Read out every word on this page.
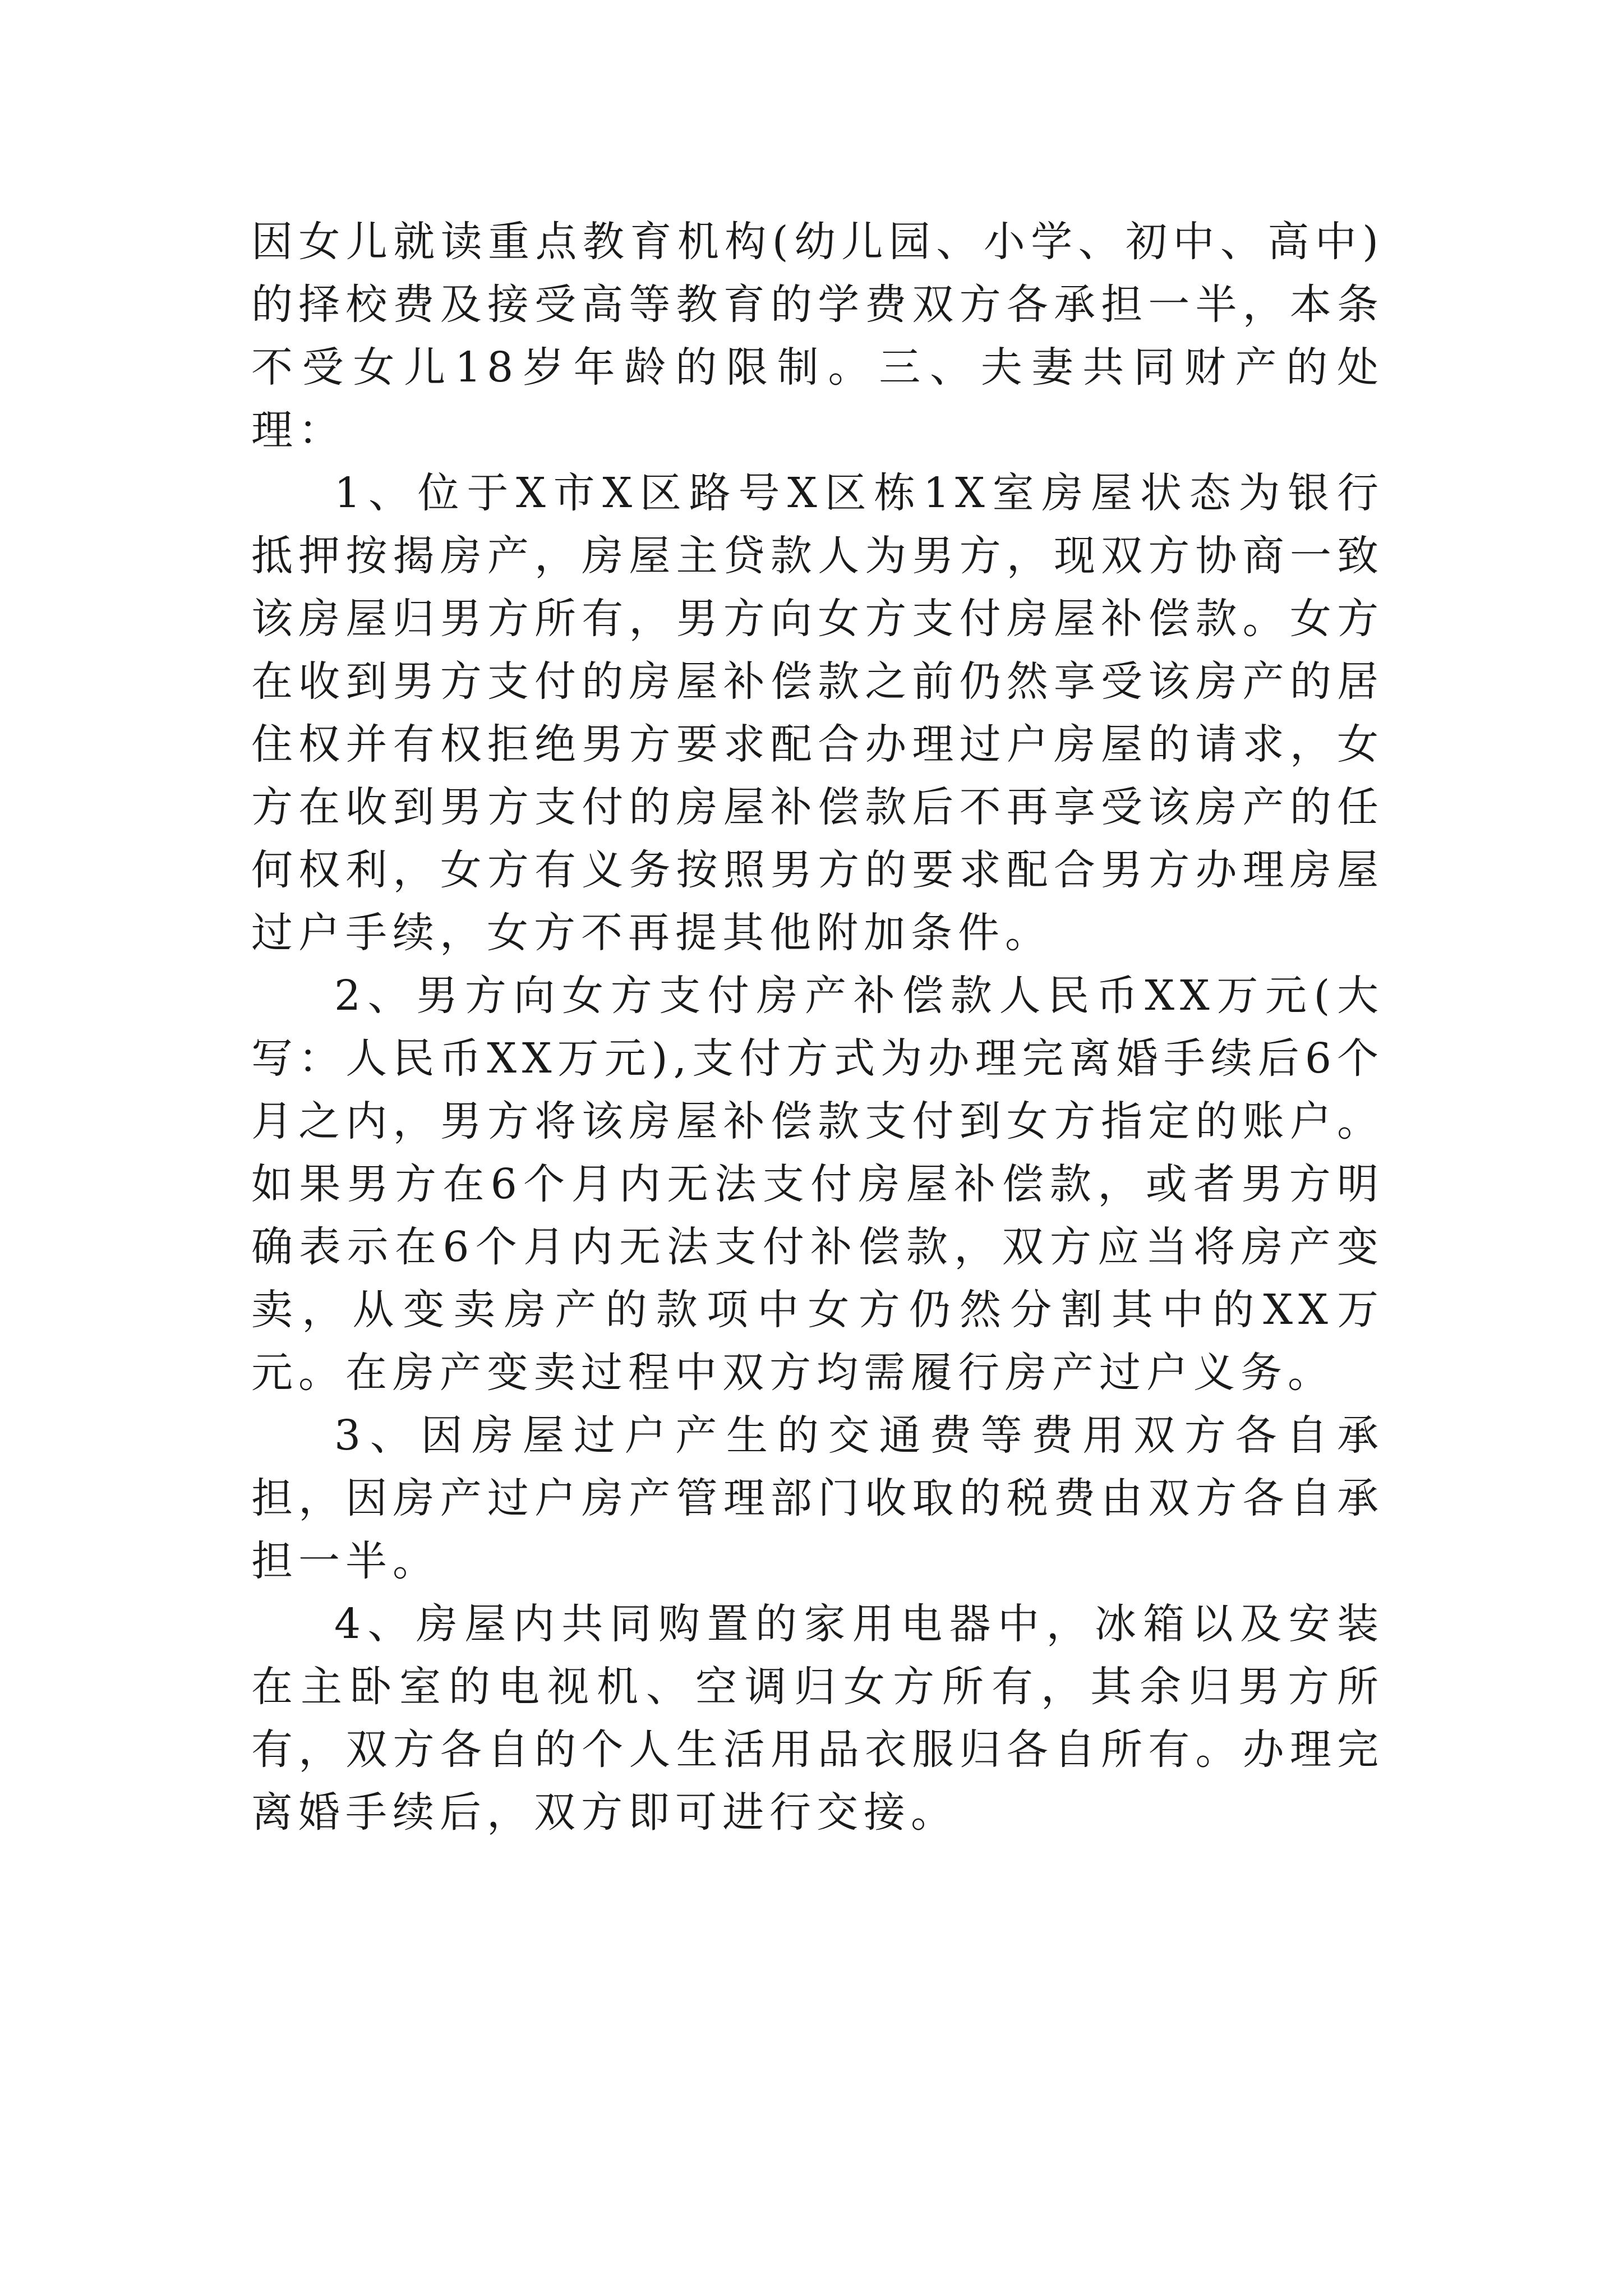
因女儿就读重点教育机构(幼儿园、小学、初中、高中)的择校费及接受高等教育的学费双方各承担一半，本条不受女儿18岁年龄的限制。三、夫妻共同财产的处理：

1、位于X市X区路号X区栋1X室房屋状态为银行抵押按揭房产，房屋主贷款人为男方，现双方协商一致该房屋归男方所有，男方向女方支付房屋补偿款。女方在收到男方支付的房屋补偿款之前仍然享受该房产的居住权并有权拒绝男方要求配合办理过户房屋的请求，女方在收到男方支付的房屋补偿款后不再享受该房产的任何权利，女方有义务按照男方的要求配合男方办理房屋过户手续，女方不再提其他附加条件。

2、男方向女方支付房产补偿款人民币XX万元(大写：人民币XX万元),支付方式为办理完离婚手续后6个月之内，男方将该房屋补偿款支付到女方指定的账户。如果男方在6个月内无法支付房屋补偿款，或者男方明确表示在6个月内无法支付补偿款，双方应当将房产变卖，从变卖房产的款项中女方仍然分割其中的XX万元。在房产变卖过程中双方均需履行房产过户义务。

3、因房屋过户产生的交通费等费用双方各自承担，因房产过户房产管理部门收取的税费由双方各自承担一半。

4、房屋内共同购置的家用电器中，冰箱以及安装在主卧室的电视机、空调归女方所有，其余归男方所有，双方各自的个人生活用品衣服归各自所有。办理完离婚手续后，双方即可进行交接。
